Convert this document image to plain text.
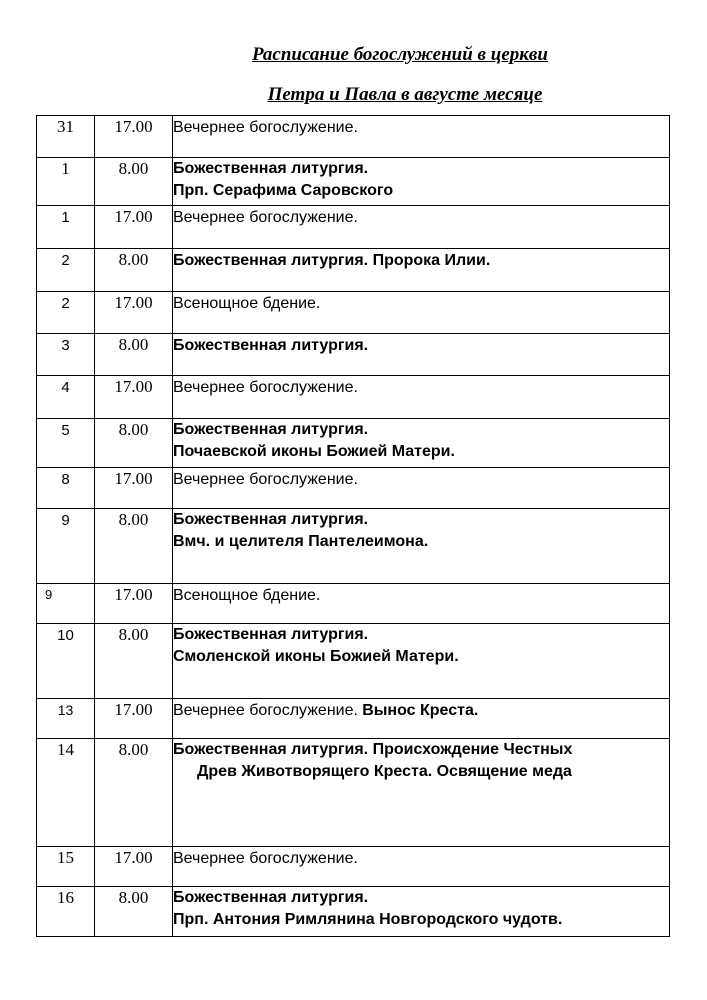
Расписание богослужений в церкви
Петра и Павла в августе месяце
31	17.00	Вечернее богослужение.
1	8.00	Божественная литургия.
Прп. Серафима Саровского

1	17.00	Вечернее богослужение.
2	8.00	Божественная литургия. Пророка Илии.
2	17.00	Всенощное бдение.
3	8.00	Божественная литургия.
4	17.00	Вечернее богослужение.
5	8.00	Божественная литургия.
Почаевской иконы Божией Матери.

8	17.00	Вечернее богослужение.
9	8.00	Божественная литургия.
Вмч. и целителя Пантелеимона.

9	17.00	Всенощное бдение.
10	8.00	Божественная литургия.
Смоленской иконы Божией Матери.

13	17.00	Вечернее богослужение. Вынос Креста.
14	8.00	Божественная литургия. Происхождение Честных
Древ Животворящего Креста. Освящение меда

15	17.00	Вечернее богослужение.
16	8.00	Божественная литургия.
Прп. Антония Римлянина Новгородского чудотв.
